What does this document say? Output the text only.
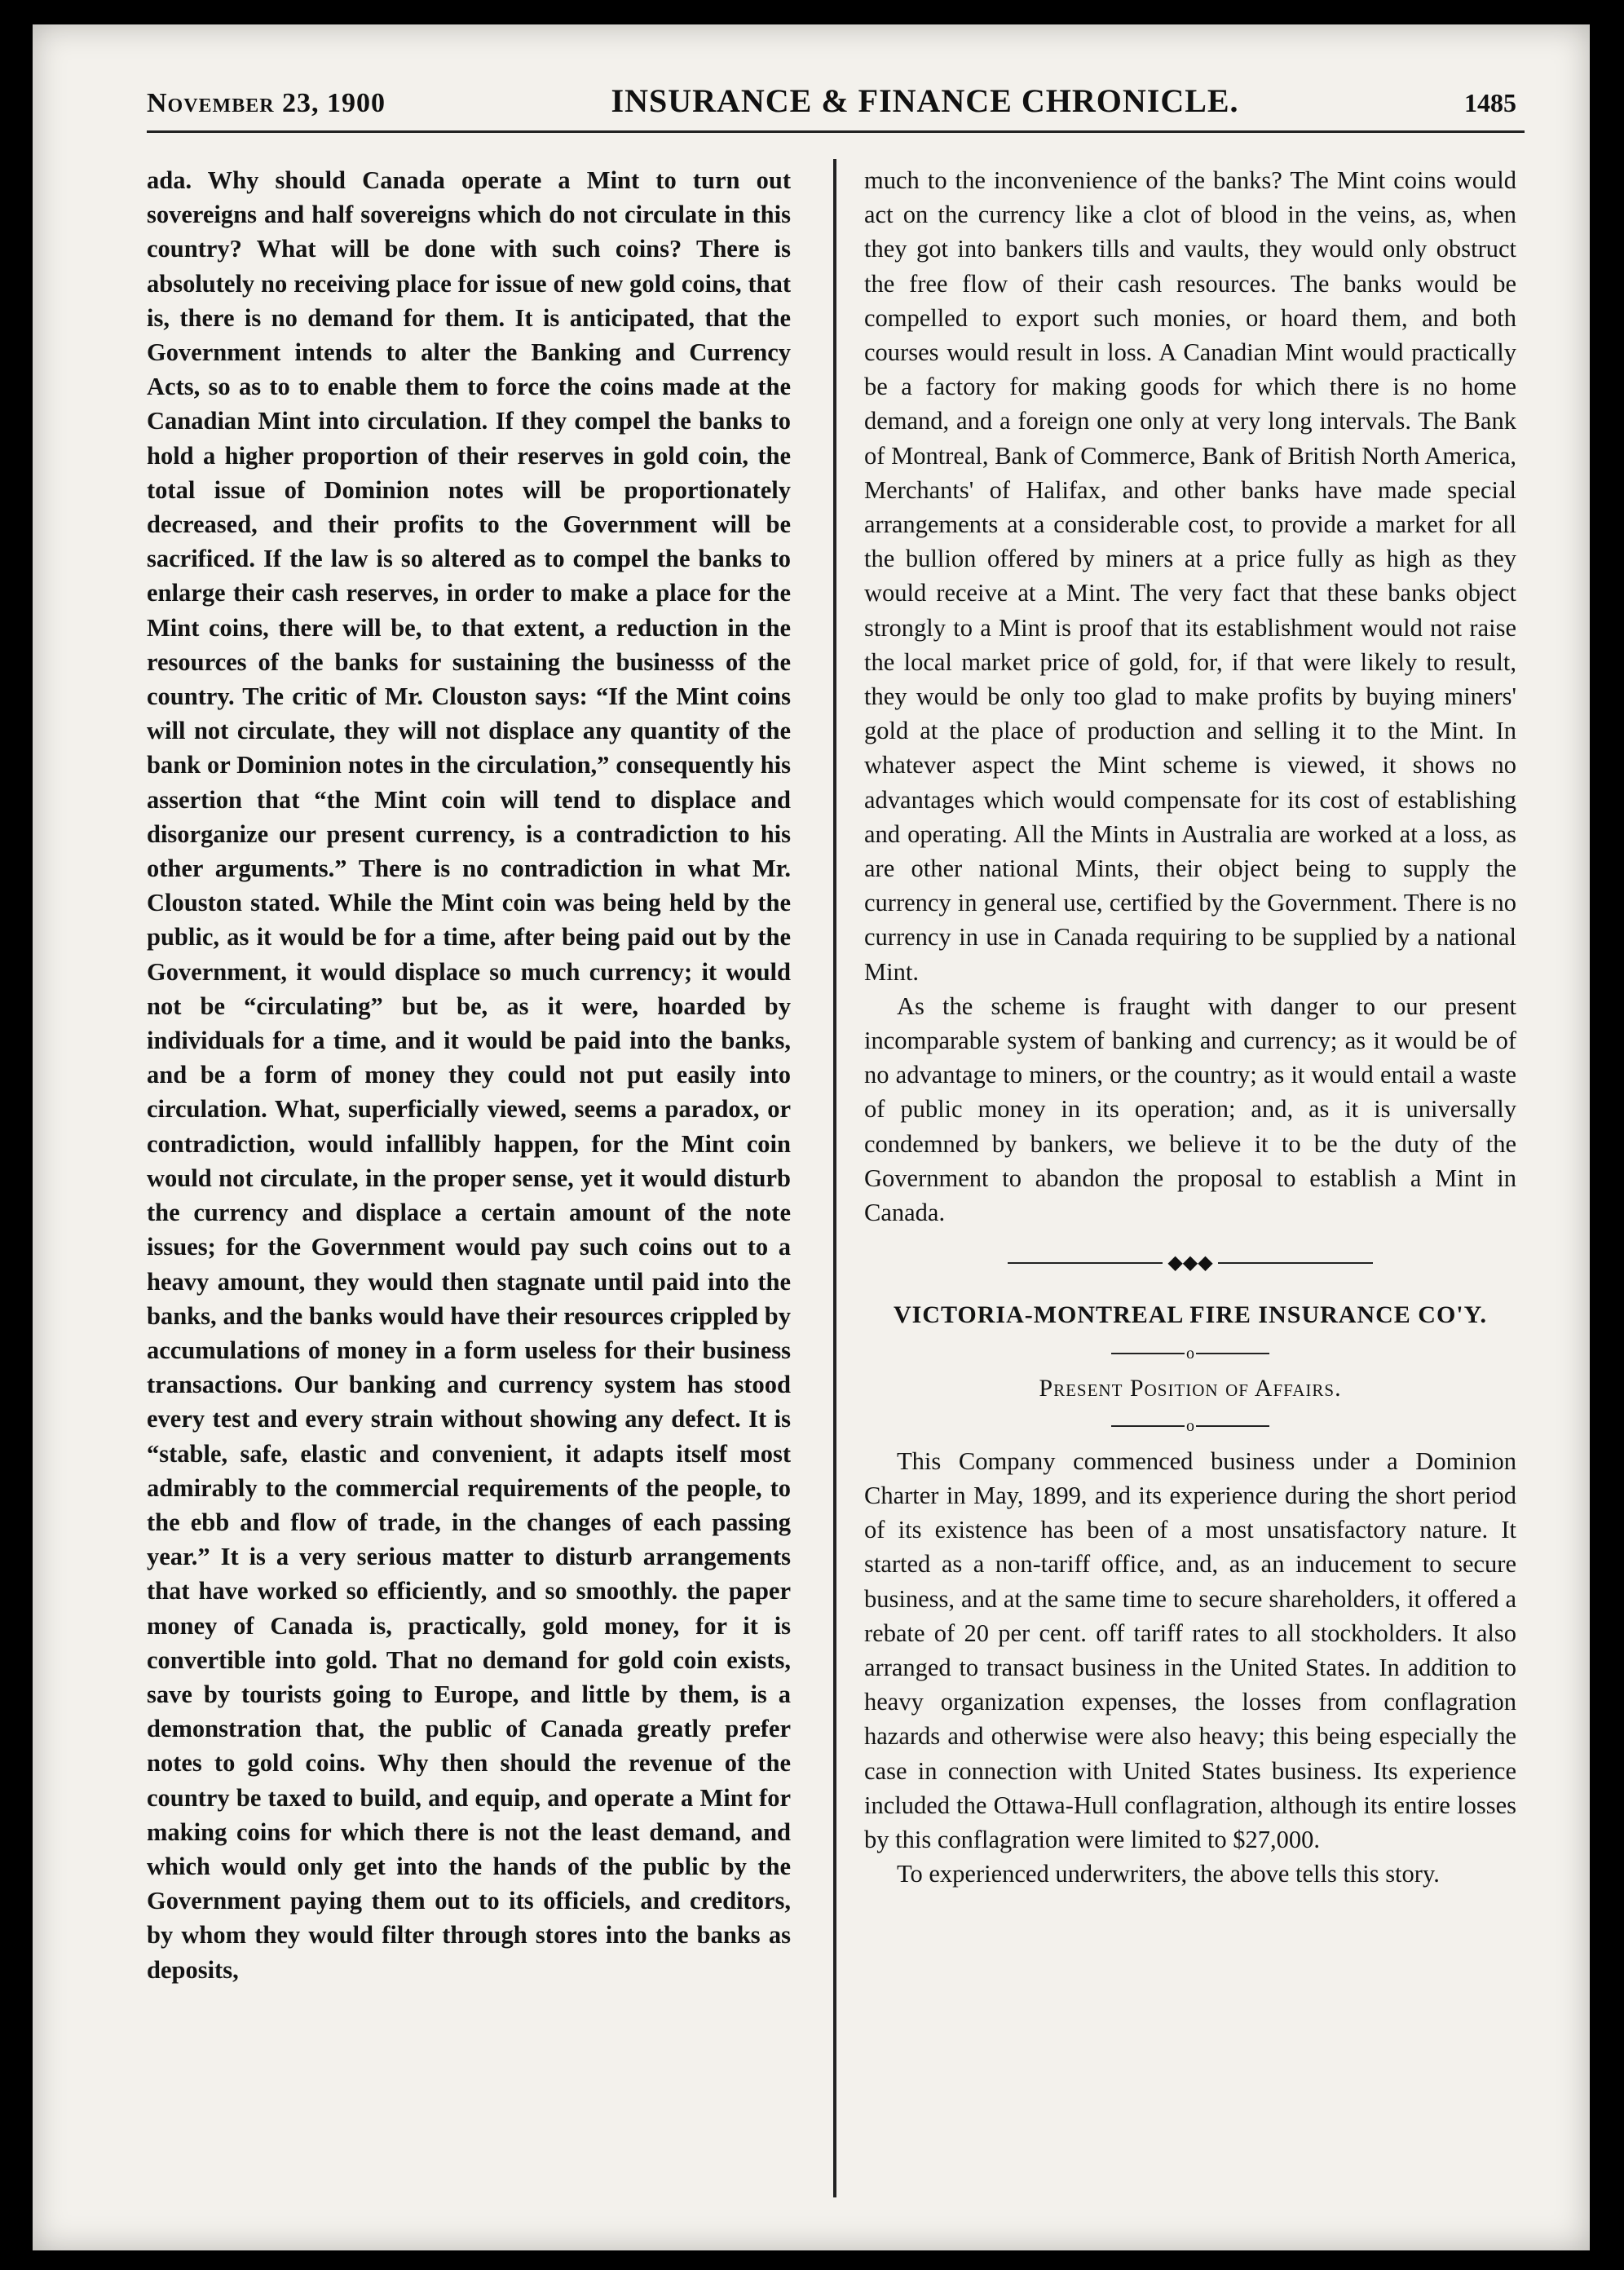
November 23, 1900	INSURANCE & FINANCE CHRONICLE.	1485

ada. Why should Canada operate a Mint to turn out sovereigns and half sovereigns which do not circulate in this country? What will be done with such coins? There is absolutely no receiving place for issue of new gold coins, that is, there is no demand for them. It is anticipated, that the Government intends to alter the Banking and Currency Acts, so as to to enable them to force the coins made at the Canadian Mint into circulation. If they compel the banks to hold a higher proportion of their reserves in gold coin, the total issue of Dominion notes will be proportionately decreased, and their profits to the Government will be sacrificed. If the law is so altered as to compel the banks to enlarge their cash reserves, in order to make a place for the Mint coins, there will be, to that extent, a reduction in the resources of the banks for sustaining the businesss of the country. The critic of Mr. Clouston says: “If the Mint coins will not circulate, they will not displace any quantity of the bank or Dominion notes in the circulation,” consequently his assertion that “the Mint coin will tend to displace and disorganize our present currency, is a contradiction to his other arguments.” There is no contradiction in what Mr. Clouston stated. While the Mint coin was being held by the public, as it would be for a time, after being paid out by the Government, it would displace so much currency; it would not be “circulating” but be, as it were, hoarded by individuals for a time, and it would be paid into the banks, and be a form of money they could not put easily into circulation. What, superficially viewed, seems a paradox, or contradiction, would infallibly happen, for the Mint coin would not circulate, in the proper sense, yet it would disturb the currency and displace a certain amount of the note issues; for the Government would pay such coins out to a heavy amount, they would then stagnate until paid into the banks, and the banks would have their resources crippled by accumulations of money in a form useless for their business transactions. Our banking and currency system has stood every test and every strain without showing any defect. It is “stable, safe, elastic and convenient, it adapts itself most admirably to the commercial requirements of the people, to the ebb and flow of trade, in the changes of each passing year.” It is a very serious matter to disturb arrangements that have worked so efficiently, and so smoothly. the paper money of Canada is, practically, gold money, for it is convertible into gold. That no demand for gold coin exists, save by tourists going to Europe, and little by them, is a demonstration that, the public of Canada greatly prefer notes to gold coins. Why then should the revenue of the country be taxed to build, and equip, and operate a Mint for making coins for which there is not the least demand, and which would only get into the hands of the public by the Government paying them out to its officiels, and creditors, by whom they would filter through stores into the banks as deposits,

much to the inconvenience of the banks? The Mint coins would act on the currency like a clot of blood in the veins, as, when they got into bankers tills and vaults, they would only obstruct the free flow of their cash resources. The banks would be compelled to export such monies, or hoard them, and both courses would result in loss. A Canadian Mint would practically be a factory for making goods for which there is no home demand, and a foreign one only at very long intervals. The Bank of Montreal, Bank of Commerce, Bank of British North America, Merchants' of Halifax, and other banks have made special arrangements at a considerable cost, to provide a market for all the bullion offered by miners at a price fully as high as they would receive at a Mint. The very fact that these banks object strongly to a Mint is proof that its establishment would not raise the local market price of gold, for, if that were likely to result, they would be only too glad to make profits by buying miners' gold at the place of production and selling it to the Mint. In whatever aspect the Mint scheme is viewed, it shows no advantages which would compensate for its cost of establishing and operating. All the Mints in Australia are worked at a loss, as are other national Mints, their object being to supply the currency in general use, certified by the Government. There is no currency in use in Canada requiring to be supplied by a national Mint.

As the scheme is fraught with danger to our present incomparable system of banking and currency; as it would be of no advantage to miners, or the country; as it would entail a waste of public money in its operation; and, as it is universally condemned by bankers, we believe it to be the duty of the Government to abandon the proposal to establish a Mint in Canada.

◆◆◆

VICTORIA-MONTREAL FIRE INSURANCE CO'Y.

o

Present Position of Affairs.

o

This Company commenced business under a Dominion Charter in May, 1899, and its experience during the short period of its existence has been of a most unsatisfactory nature. It started as a non-tariff office, and, as an inducement to secure business, and at the same time to secure shareholders, it offered a rebate of 20 per cent. off tariff rates to all stockholders. It also arranged to transact business in the United States. In addition to heavy organization expenses, the losses from conflagration hazards and otherwise were also heavy; this being especially the case in connection with United States business. Its experience included the Ottawa-Hull conflagration, although its entire losses by this conflagration were limited to $27,000.

To experienced underwriters, the above tells this story.
